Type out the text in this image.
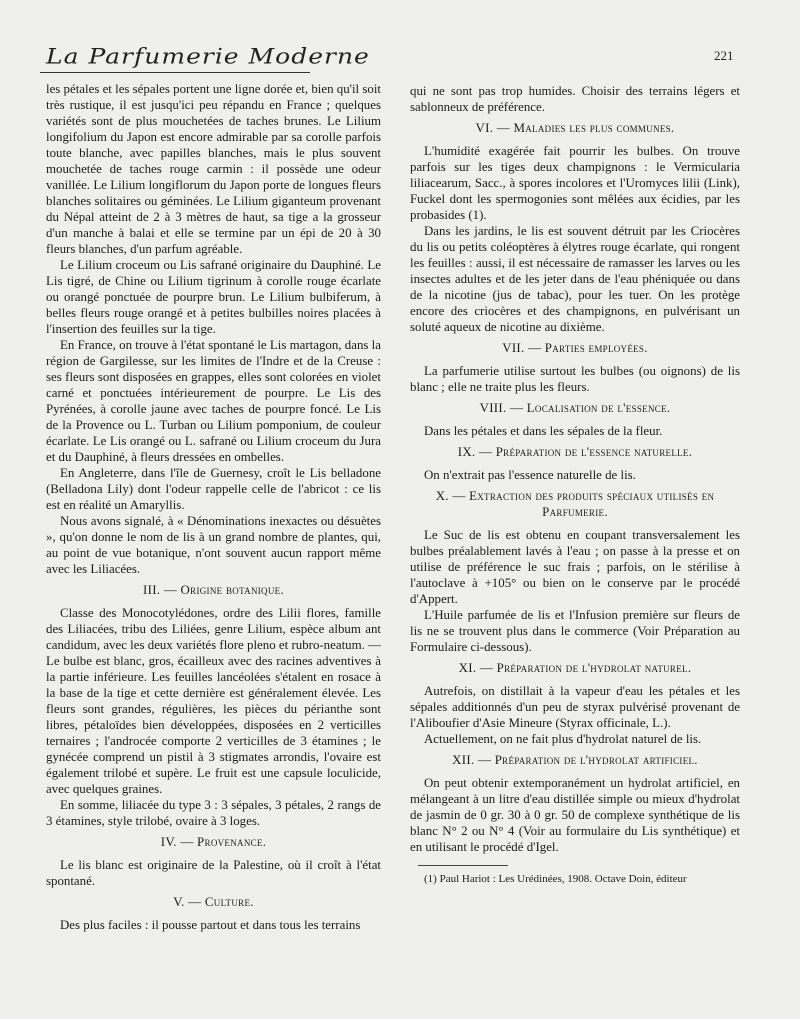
La Parfumerie Moderne	221

les pétales et les sépales portent une ligne dorée et, bien qu'il soit très rustique, il est jusqu'ici peu répandu en France ; quelques variétés sont de plus mouchetées de taches brunes. Le Lilium longifolium du Japon est encore admirable par sa corolle parfois toute blanche, avec papilles blanches, mais le plus souvent mouchetée de taches rouge carmin : il possède une odeur vanillée. Le Lilium longiflorum du Japon porte de longues fleurs blanches solitaires ou géminées. Le Lilium giganteum provenant du Népal atteint de 2 à 3 mètres de haut, sa tige a la grosseur d'un manche à balai et elle se termine par un épi de 20 à 30 fleurs blanches, d'un parfum agréable.

Le Lilium croceum ou Lis safrané originaire du Dauphiné. Le Lis tigré, de Chine ou Lilium tigrinum à corolle rouge écarlate ou orangé ponctuée de pourpre brun. Le Lilium bulbiferum, à belles fleurs rouge orangé et à petites bulbilles noires placées à l'insertion des feuilles sur la tige.

En France, on trouve à l'état spontané le Lis martagon, dans la région de Gargilesse, sur les limites de l'Indre et de la Creuse : ses fleurs sont disposées en grappes, elles sont colorées en violet carné et ponctuées intérieurement de pourpre. Le Lis des Pyrénées, à corolle jaune avec taches de pourpre foncé. Le Lis de la Provence ou L. Turban ou Lilium pomponium, de couleur écarlate. Le Lis orangé ou L. safrané ou Lilium croceum du Jura et du Dauphiné, à fleurs dressées en ombelles.

En Angleterre, dans l'île de Guernesy, croît le Lis belladone (Belladona Lily) dont l'odeur rappelle celle de l'abricot : ce lis est en réalité un Amaryllis.

Nous avons signalé, à « Dénominations inexactes ou désuètes », qu'on donne le nom de lis à un grand nombre de plantes, qui, au point de vue botanique, n'ont souvent aucun rapport même avec les Liliacées.

III. — Origine botanique.

Classe des Monocotylédones, ordre des Lilii flores, famille des Liliacées, tribu des Liliées, genre Lilium, espèce album ant candidum, avec les deux variétés flore pleno et rubro-neatum. — Le bulbe est blanc, gros, écailleux avec des racines adventives à la partie inférieure. Les feuilles lancéolées s'étalent en rosace à la base de la tige et cette dernière est généralement élevée. Les fleurs sont grandes, régulières, les pièces du périanthe sont libres, pétaloïdes bien développées, disposées en 2 verticilles ternaires ; l'androcée comporte 2 verticilles de 3 étamines ; le gynécée comprend un pistil à 3 stigmates arrondis, l'ovaire est également trilobé et supère. Le fruit est une capsule loculicide, avec quelques graines.

En somme, liliacée du type 3 : 3 sépales, 3 pétales, 2 rangs de 3 étamines, style trilobé, ovaire à 3 loges.

IV. — Provenance.

Le lis blanc est originaire de la Palestine, où il croît à l'état spontané.

V. — Culture.

Des plus faciles : il pousse partout et dans tous les terrains

qui ne sont pas trop humides. Choisir des terrains légers et sablonneux de préférence.

VI. — Maladies les plus communes.

L'humidité exagérée fait pourrir les bulbes. On trouve parfois sur les tiges deux champignons : le Vermicularia liliacearum, Sacc., à spores incolores et l'Uromyces lilii (Link), Fuckel dont les spermogonies sont mêlées aux écidies, par les probasides (1).

Dans les jardins, le lis est souvent détruit par les Criocères du lis ou petits coléoptères à élytres rouge écarlate, qui rongent les feuilles : aussi, il est nécessaire de ramasser les larves ou les insectes adultes et de les jeter dans de l'eau phéniquée ou dans de la nicotine (jus de tabac), pour les tuer. On les protège encore des criocères et des champignons, en pulvérisant un soluté aqueux de nicotine au dixième.

VII. — Parties employées.

La parfumerie utilise surtout les bulbes (ou oignons) de lis blanc ; elle ne traite plus les fleurs.

VIII. — Localisation de l'essence.

Dans les pétales et dans les sépales de la fleur.

IX. — Préparation de l'essence naturelle.

On n'extrait pas l'essence naturelle de lis.

X. — Extraction des produits spéciaux utilisés en Parfumerie.

Le Suc de lis est obtenu en coupant transversalement les bulbes préalablement lavés à l'eau ; on passe à la presse et on utilise de préférence le suc frais ; parfois, on le stérilise à l'autoclave à +105° ou bien on le conserve par le procédé d'Appert.

L'Huile parfumée de lis et l'Infusion première sur fleurs de lis ne se trouvent plus dans le commerce (Voir Préparation au Formulaire ci-dessous).

XI. — Préparation de l'hydrolat naturel.

Autrefois, on distillait à la vapeur d'eau les pétales et les sépales additionnés d'un peu de styrax pulvérisé provenant de l'Aliboufier d'Asie Mineure (Styrax officinale, L.).

Actuellement, on ne fait plus d'hydrolat naturel de lis.

XII. — Préparation de l'hydrolat artificiel.

On peut obtenir extemporanément un hydrolat artificiel, en mélangeant à un litre d'eau distillée simple ou mieux d'hydrolat de jasmin de 0 gr. 30 à 0 gr. 50 de complexe synthétique de lis blanc N° 2 ou N° 4 (Voir au formulaire du Lis synthétique) et en utilisant le procédé d'Igel.

(1) Paul Hariot : Les Urédinées, 1908. Octave Doin, éditeur
